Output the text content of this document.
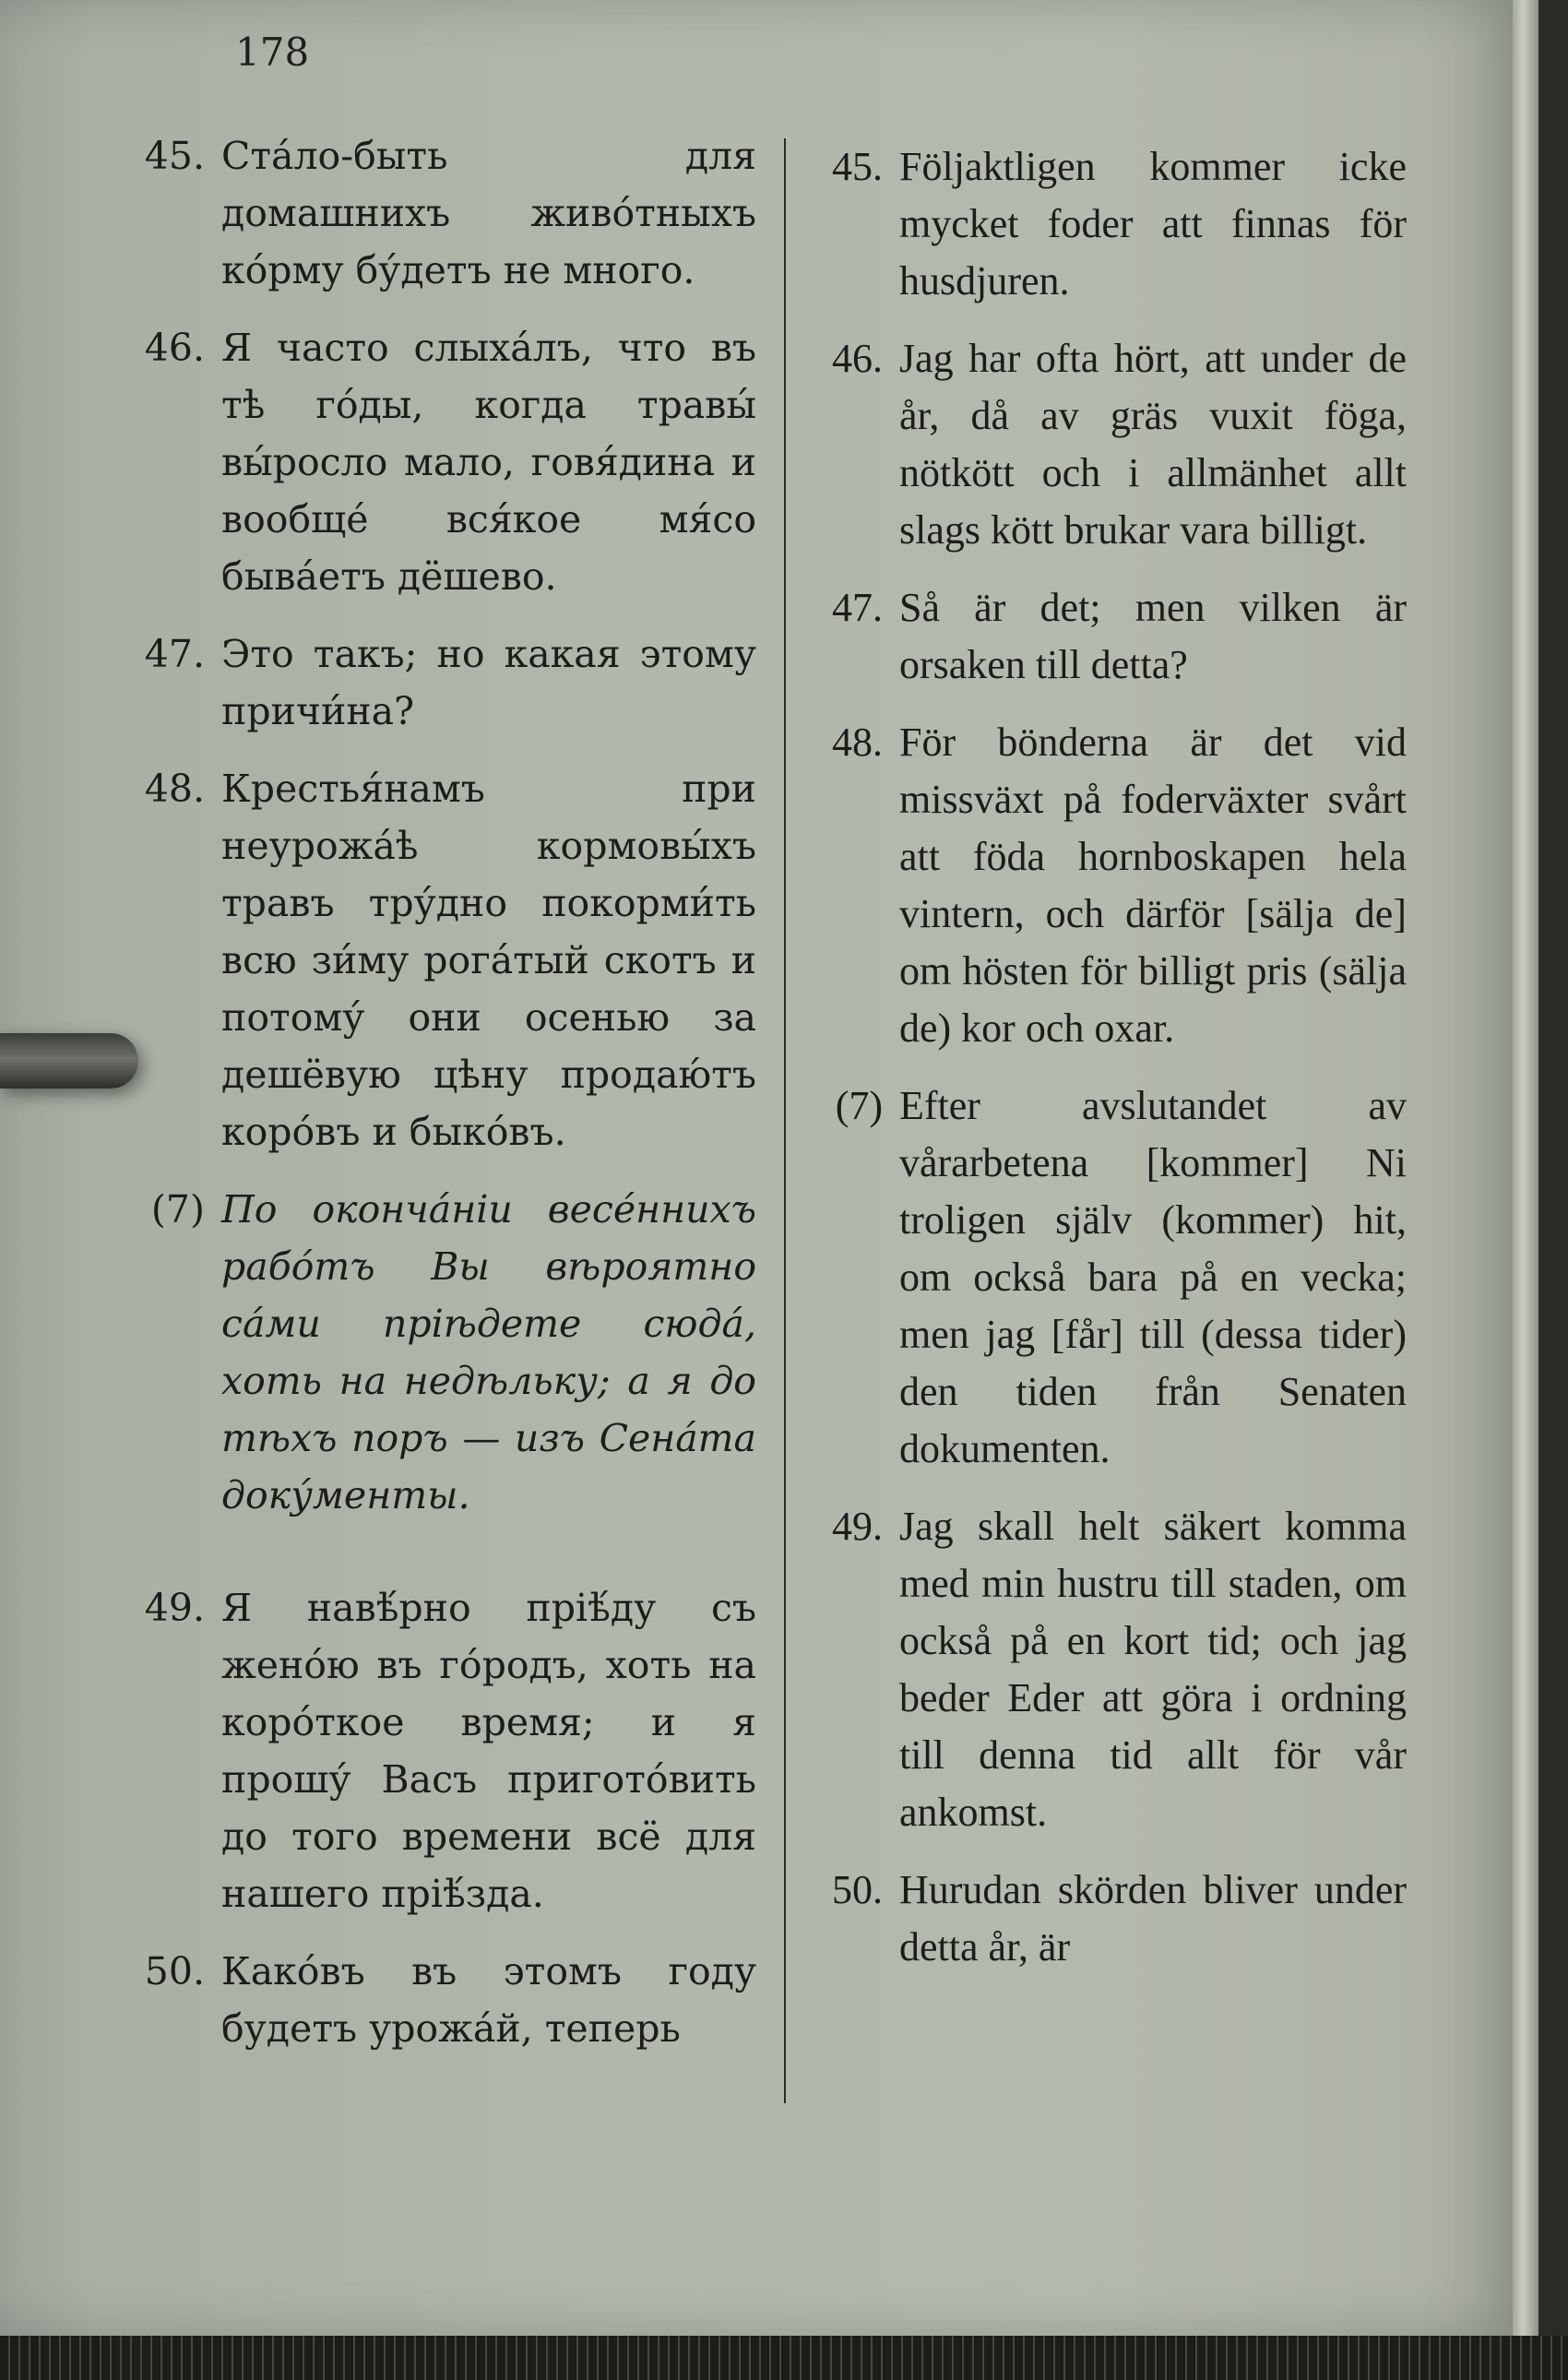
178
45. Ста́ло-быть для домашнихъ живо́тныхъ ко́рму бу́детъ не много.
46. Я часто слыха́лъ, что въ тѣ го́ды, когда травы́ вы́росло мало, говя́дина и вообще́ вся́кое мя́со быва́етъ дёшево.
47. Это такъ; но какая этому причи́на?
48. Крестья́намъ при неурожа́ѣ кормовы́хъ травъ тру́дно покорми́ть всю зи́му рога́тый скотъ и потому́ они осенью за дешёвую цѣну продаю́тъ коро́въ и быко́въ.
(7) По оконча́нiи весе́ннихъ рабо́тъ Вы вѣроятно са́ми прiѣдете сюда́, хоть на недѣльку; а я до тѣхъ поръ — изъ Сена́та доку́менты.
49. Я навѣ́рно прiѣ́ду съ жено́ю въ го́родъ, хоть на коро́ткое время; и я прошу́ Васъ пригото́вить до того времени всё для нашего прiѣ́зда.
50. Како́въ въ этомъ году будетъ урожа́й, теперь
45. Följaktligen kommer icke mycket foder att finnas för husdjuren.
46. Jag har ofta hört, att under de år, då av gräs vuxit föga, nötkött och i allmänhet allt slags kött brukar vara billigt.
47. Så är det; men vilken är orsaken till detta?
48. För bönderna är det vid missväxt på foderväxter svårt att föda hornboskapen hela vintern, och därför [sälja de] om hösten för billigt pris (sälja de) kor och oxar.
(7) Efter avslutandet av vårarbetena [kommer] Ni troligen själv (kommer) hit, om också bara på en vecka; men jag [får] till (dessa tider) den tiden från Senaten dokumenten.
49. Jag skall helt säkert komma med min hustru till staden, om också på en kort tid; och jag beder Eder att göra i ordning till denna tid allt för vår ankomst.
50. Hurudan skörden bliver under detta år, är
